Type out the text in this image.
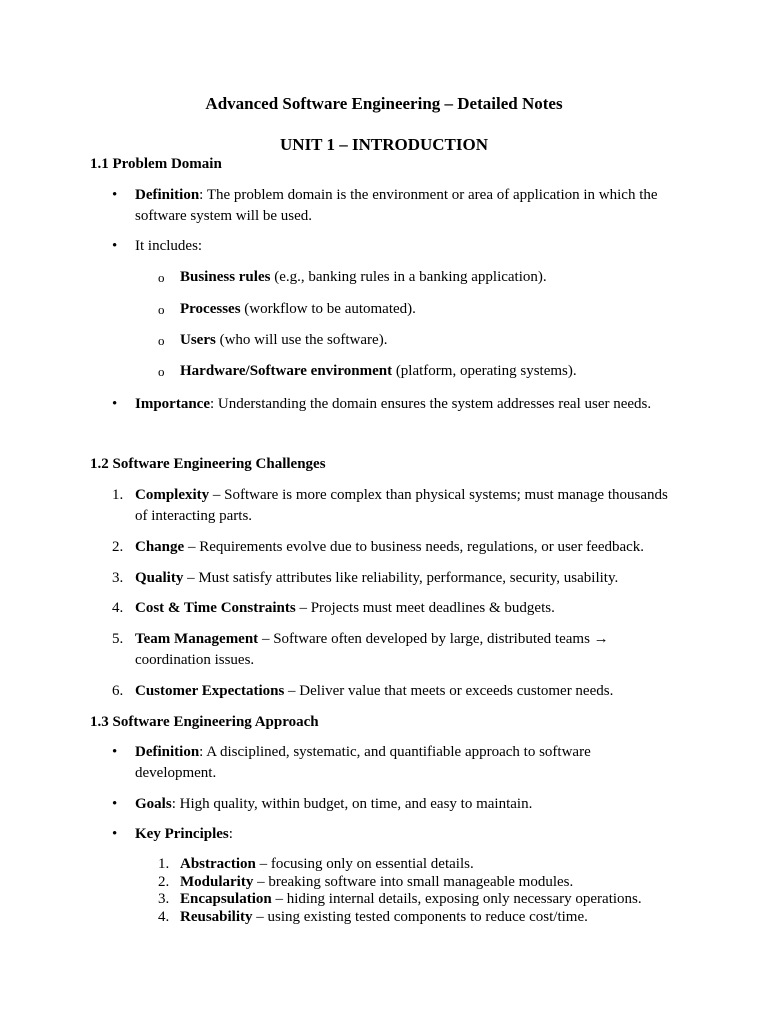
Advanced Software Engineering – Detailed Notes
UNIT 1 – INTRODUCTION
1.1 Problem Domain
•	Definition: The problem domain is the environment or area of application in which the
software system will be used.
•	It includes:
o	Business rules (e.g., banking rules in a banking application).
o	Processes (workflow to be automated).
o	Users (who will use the software).
o	Hardware/Software environment (platform, operating systems).
•	Importance: Understanding the domain ensures the system addresses real user needs.
1.2 Software Engineering Challenges
1. Complexity – Software is more complex than physical systems; must manage thousands
of interacting parts.
2. Change – Requirements evolve due to business needs, regulations, or user feedback.
3. Quality – Must satisfy attributes like reliability, performance, security, usability.
4. Cost & Time Constraints – Projects must meet deadlines & budgets.
5. Team Management – Software often developed by large, distributed teams →
coordination issues.
6. Customer Expectations – Deliver value that meets or exceeds customer needs.
1.3 Software Engineering Approach
•	Definition: A disciplined, systematic, and quantifiable approach to software
development.
•	Goals: High quality, within budget, on time, and easy to maintain.
•	Key Principles:
1. Abstraction – focusing only on essential details.
2. Modularity – breaking software into small manageable modules.
3. Encapsulation – hiding internal details, exposing only necessary operations.
4. Reusability – using existing tested components to reduce cost/time.
